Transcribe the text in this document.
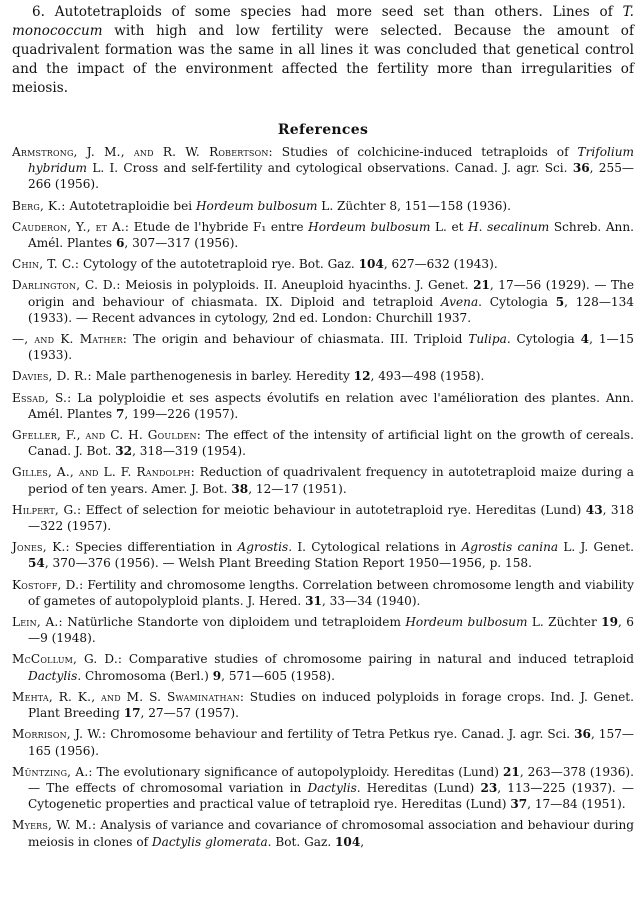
6. Autotetraploids of some species had more seed set than others. Lines of T. monococcum with high and low fertility were selected. Because the amount of quadrivalent formation was the same in all lines it was concluded that genetical control and the impact of the environment affected the fertility more than irregularities of meiosis.

References
Armstrong, J. M., and R. W. Robertson: Studies of colchicine-induced tetraploids of Trifolium hybridum L. I. Cross and self-fertility and cytological observations. Canad. J. agr. Sci. 36, 255—266 (1956).
Berg, K.: Autotetraploidie bei Hordeum bulbosum L. Züchter 8, 151—158 (1936).
Cauderon, Y., et A.: Etude de l'hybride F₁ entre Hordeum bulbosum L. et H. secalinum Schreb. Ann. Amél. Plantes 6, 307—317 (1956).
Chin, T. C.: Cytology of the autotetraploid rye. Bot. Gaz. 104, 627—632 (1943).
Darlington, C. D.: Meiosis in polyploids. II. Aneuploid hyacinths. J. Genet. 21, 17—56 (1929). — The origin and behaviour of chiasmata. IX. Diploid and tetraploid Avena. Cytologia 5, 128—134 (1933). — Recent advances in cytology, 2nd ed. London: Churchill 1937.
—, and K. Mather: The origin and behaviour of chiasmata. III. Triploid Tulipa. Cytologia 4, 1—15 (1933).
Davies, D. R.: Male parthenogenesis in barley. Heredity 12, 493—498 (1958).
Essad, S.: La polyploidie et ses aspects évolutifs en relation avec l'amélioration des plantes. Ann. Amél. Plantes 7, 199—226 (1957).
Gfeller, F., and C. H. Goulden: The effect of the intensity of artificial light on the growth of cereals. Canad. J. Bot. 32, 318—319 (1954).
Gilles, A., and L. F. Randolph: Reduction of quadrivalent frequency in autotetraploid maize during a period of ten years. Amer. J. Bot. 38, 12—17 (1951).
Hilpert, G.: Effect of selection for meiotic behaviour in autotetraploid rye. Hereditas (Lund) 43, 318—322 (1957).
Jones, K.: Species differentiation in Agrostis. I. Cytological relations in Agrostis canina L. J. Genet. 54, 370—376 (1956). — Welsh Plant Breeding Station Report 1950—1956, p. 158.
Kostoff, D.: Fertility and chromosome lengths. Correlation between chromosome length and viability of gametes of autopolyploid plants. J. Hered. 31, 33—34 (1940).
Lein, A.: Natürliche Standorte von diploidem und tetraploidem Hordeum bulbosum L. Züchter 19, 6—9 (1948).
McCollum, G. D.: Comparative studies of chromosome pairing in natural and induced tetraploid Dactylis. Chromosoma (Berl.) 9, 571—605 (1958).
Mehta, R. K., and M. S. Swaminathan: Studies on induced polyploids in forage crops. Ind. J. Genet. Plant Breeding 17, 27—57 (1957).
Morrison, J. W.: Chromosome behaviour and fertility of Tetra Petkus rye. Canad. J. agr. Sci. 36, 157—165 (1956).
Müntzing, A.: The evolutionary significance of autopolyploidy. Hereditas (Lund) 21, 263—378 (1936). — The effects of chromosomal variation in Dactylis. Hereditas (Lund) 23, 113—225 (1937). — Cytogenetic properties and practical value of tetraploid rye. Hereditas (Lund) 37, 17—84 (1951).
Myers, W. M.: Analysis of variance and covariance of chromosomal association and behaviour during meiosis in clones of Dactylis glomerata. Bot. Gaz. 104,
